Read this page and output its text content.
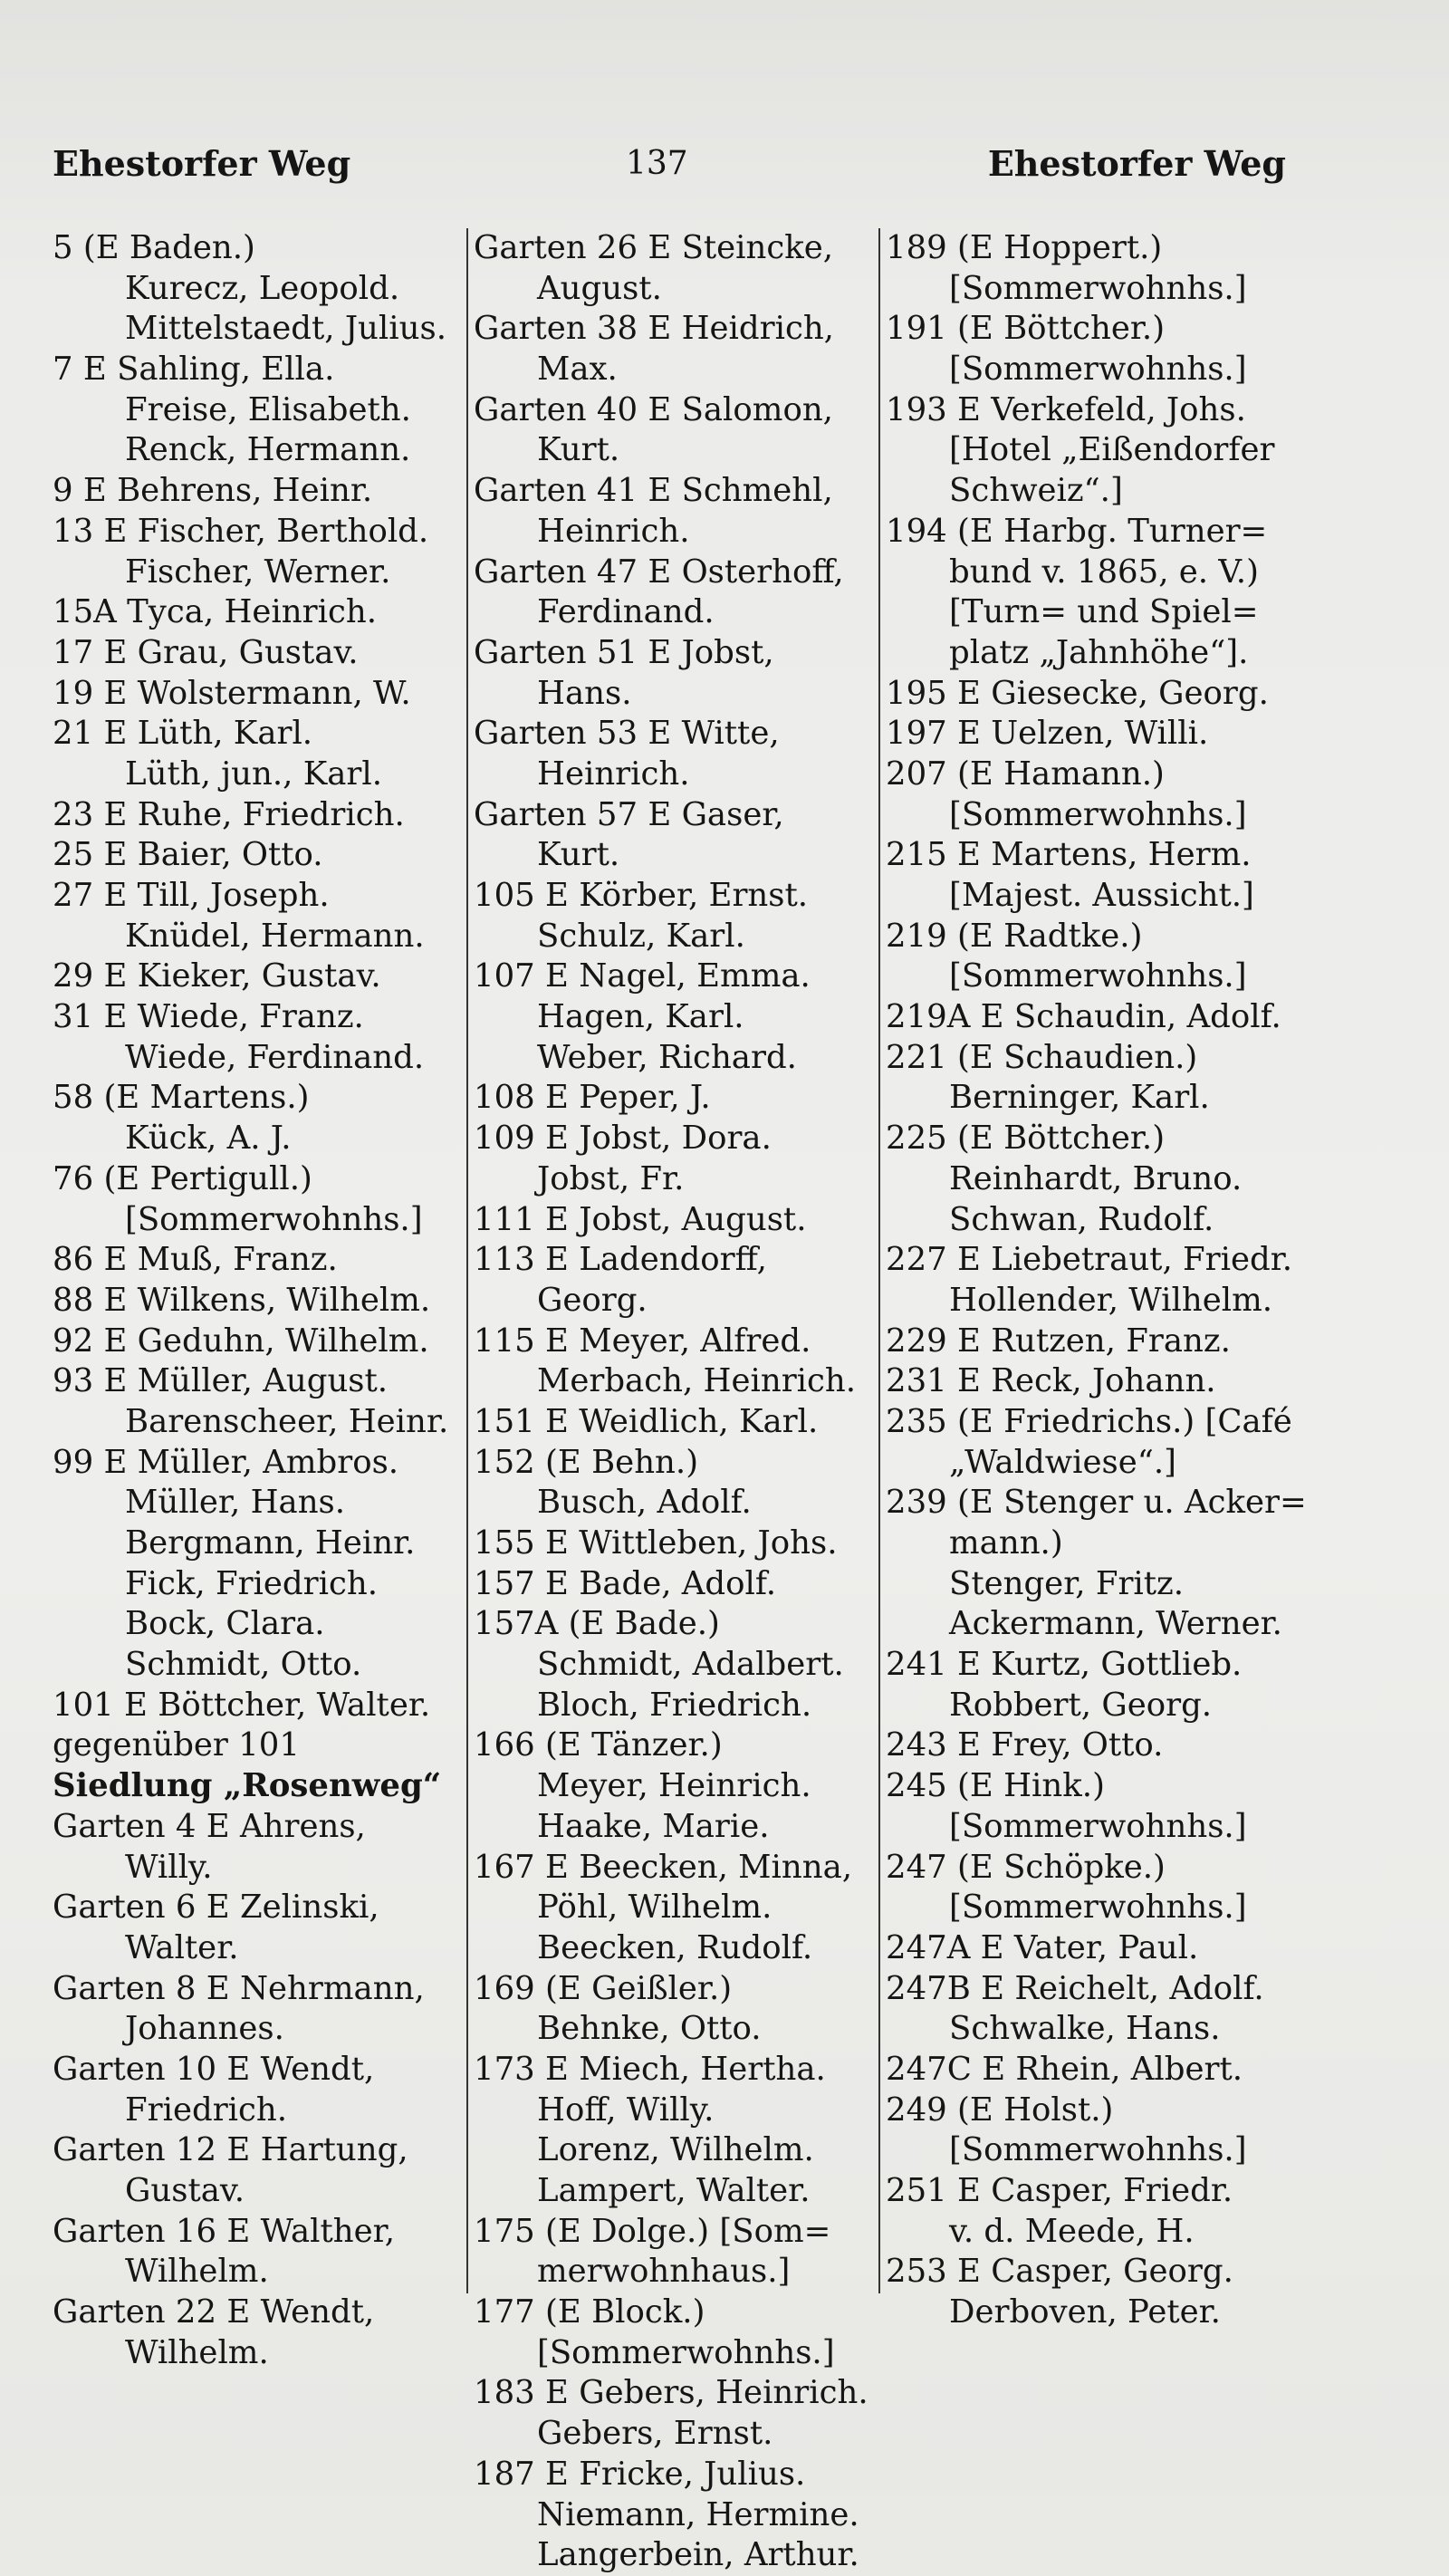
Ehestorfer Weg	137	Ehestorfer Weg
5 (E Baden.)
Kurecz, Leopold.
Mittelstaedt, Julius.
7 E Sahling, Ella.
Freise, Elisabeth.
Renck, Hermann.
9 E Behrens, Heinr.
13 E Fischer, Berthold.
Fischer, Werner.
15A Tyca, Heinrich.
17 E Grau, Gustav.
19 E Wolstermann, W.
21 E Lüth, Karl.
Lüth, jun., Karl.
23 E Ruhe, Friedrich.
25 E Baier, Otto.
27 E Till, Joseph.
Knüdel, Hermann.
29 E Kieker, Gustav.
31 E Wiede, Franz.
Wiede, Ferdinand.
58 (E Martens.)
Kück, A. J.
76 (E Pertigull.)
[Sommerwohnhs.]
86 E Muß, Franz.
88 E Wilkens, Wilhelm.
92 E Geduhn, Wilhelm.
93 E Müller, August.
Barenscheer, Heinr.
99 E Müller, Ambros.
Müller, Hans.
Bergmann, Heinr.
Fick, Friedrich.
Bock, Clara.
Schmidt, Otto.
101 E Böttcher, Walter.
gegenüber 101
Siedlung „Rosenweg“
Garten 4 E Ahrens,
Willy.
Garten 6 E Zelinski,
Walter.
Garten 8 E Nehrmann,
Johannes.
Garten 10 E Wendt,
Friedrich.
Garten 12 E Hartung,
Gustav.
Garten 16 E Walther,
Wilhelm.
Garten 22 E Wendt,
Wilhelm.
Garten 26 E Steincke,
August.
Garten 38 E Heidrich,
Max.
Garten 40 E Salomon,
Kurt.
Garten 41 E Schmehl,
Heinrich.
Garten 47 E Osterhoff,
Ferdinand.
Garten 51 E Jobst,
Hans.
Garten 53 E Witte,
Heinrich.
Garten 57 E Gaser,
Kurt.
105 E Körber, Ernst.
Schulz, Karl.
107 E Nagel, Emma.
Hagen, Karl.
Weber, Richard.
108 E Peper, J.
109 E Jobst, Dora.
Jobst, Fr.
111 E Jobst, August.
113 E Ladendorff,
Georg.
115 E Meyer, Alfred.
Merbach, Heinrich.
151 E Weidlich, Karl.
152 (E Behn.)
Busch, Adolf.
155 E Wittleben, Johs.
157 E Bade, Adolf.
157A (E Bade.)
Schmidt, Adalbert.
Bloch, Friedrich.
166 (E Tänzer.)
Meyer, Heinrich.
Haake, Marie.
167 E Beecken, Minna,
Pöhl, Wilhelm.
Beecken, Rudolf.
169 (E Geißler.)
Behnke, Otto.
173 E Miech, Hertha.
Hoff, Willy.
Lorenz, Wilhelm.
Lampert, Walter.
175 (E Dolge.) [Som=
merwohnhaus.]
177 (E Block.)
[Sommerwohnhs.]
183 E Gebers, Heinrich.
Gebers, Ernst.
187 E Fricke, Julius.
Niemann, Hermine.
Langerbein, Arthur.
189 (E Hoppert.)
[Sommerwohnhs.]
191 (E Böttcher.)
[Sommerwohnhs.]
193 E Verkefeld, Johs.
[Hotel „Eißendorfer
Schweiz“.]
194 (E Harbg. Turner=
bund v. 1865, e. V.)
[Turn= und Spiel=
platz „Jahnhöhe“].
195 E Giesecke, Georg.
197 E Uelzen, Willi.
207 (E Hamann.)
[Sommerwohnhs.]
215 E Martens, Herm.
[Majest. Aussicht.]
219 (E Radtke.)
[Sommerwohnhs.]
219A E Schaudin, Adolf.
221 (E Schaudien.)
Berninger, Karl.
225 (E Böttcher.)
Reinhardt, Bruno.
Schwan, Rudolf.
227 E Liebetraut, Friedr.
Hollender, Wilhelm.
229 E Rutzen, Franz.
231 E Reck, Johann.
235 (E Friedrichs.) [Café
„Waldwiese“.]
239 (E Stenger u. Acker=
mann.)
Stenger, Fritz.
Ackermann, Werner.
241 E Kurtz, Gottlieb.
Robbert, Georg.
243 E Frey, Otto.
245 (E Hink.)
[Sommerwohnhs.]
247 (E Schöpke.)
[Sommerwohnhs.]
247A E Vater, Paul.
247B E Reichelt, Adolf.
Schwalke, Hans.
247C E Rhein, Albert.
249 (E Holst.)
[Sommerwohnhs.]
251 E Casper, Friedr.
v. d. Meede, H.
253 E Casper, Georg.
Derboven, Peter.
